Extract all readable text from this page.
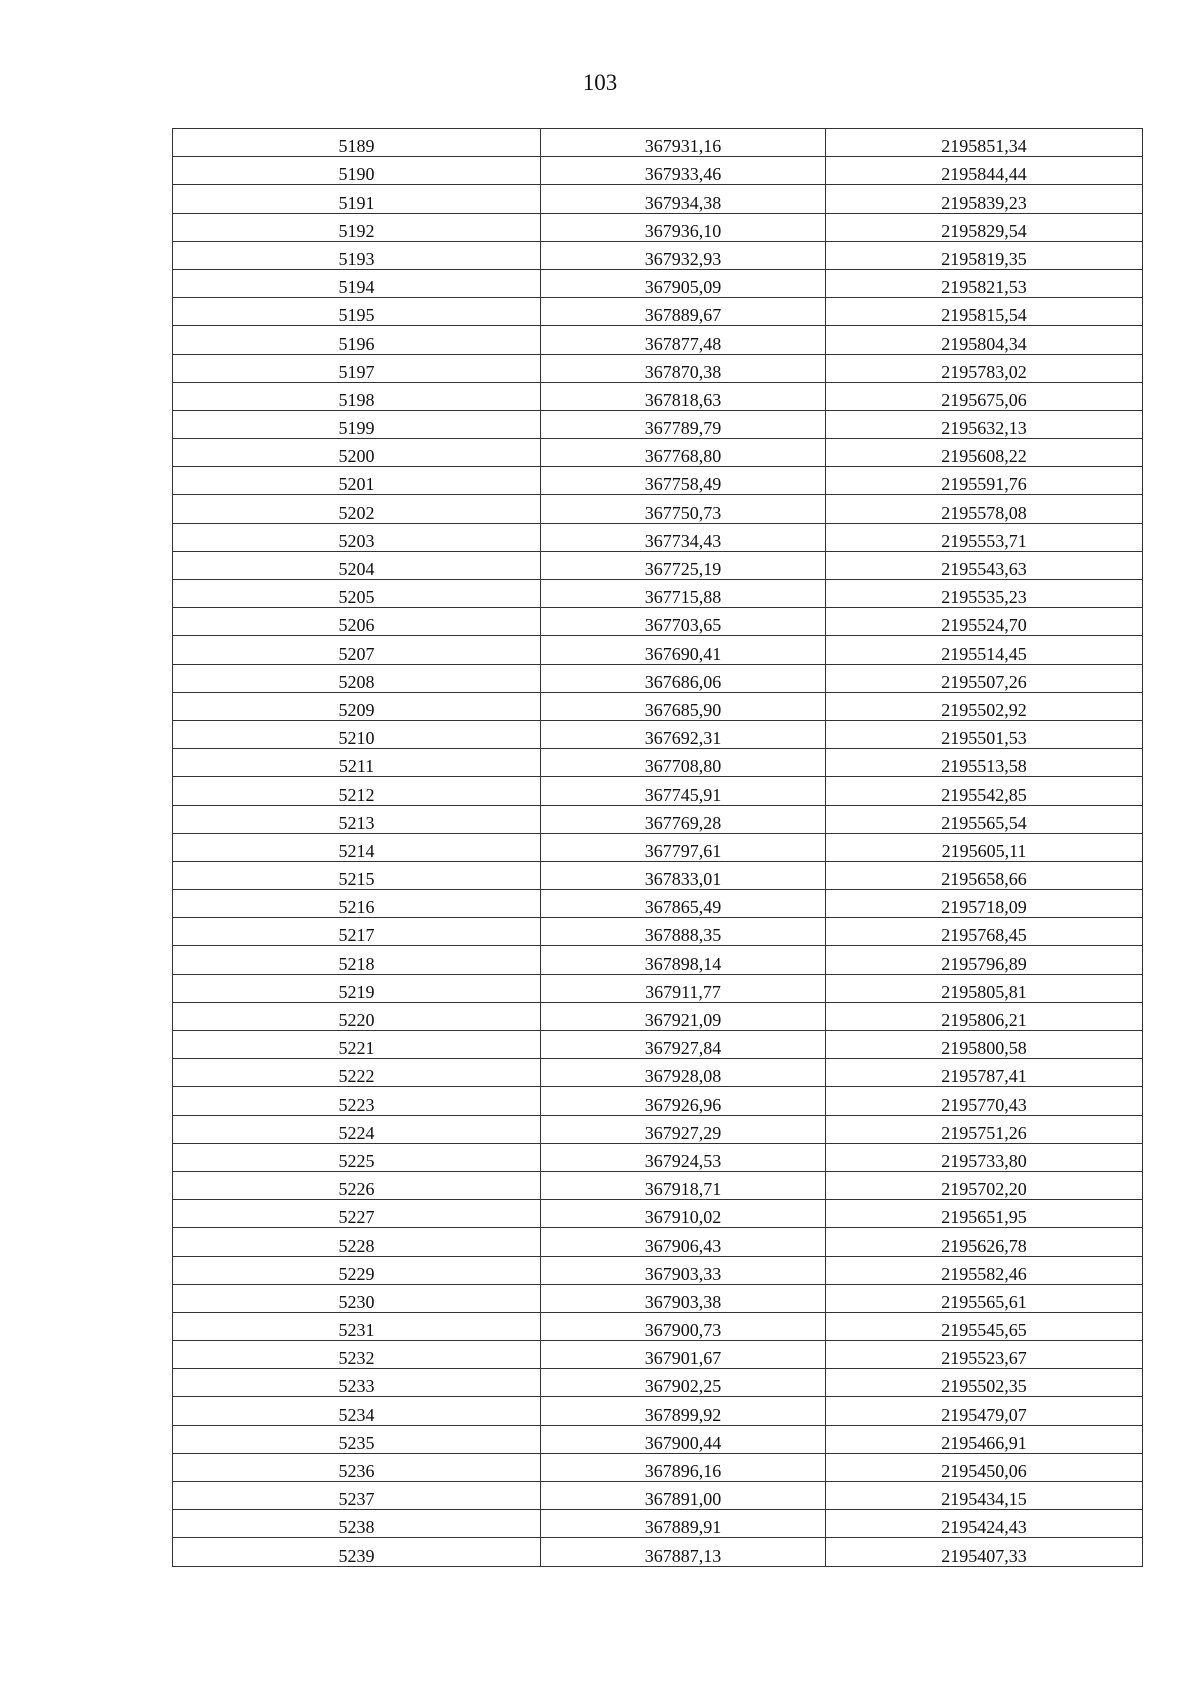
103
5189	367931,16	2195851,34
5190	367933,46	2195844,44
5191	367934,38	2195839,23
5192	367936,10	2195829,54
5193	367932,93	2195819,35
5194	367905,09	2195821,53
5195	367889,67	2195815,54
5196	367877,48	2195804,34
5197	367870,38	2195783,02
5198	367818,63	2195675,06
5199	367789,79	2195632,13
5200	367768,80	2195608,22
5201	367758,49	2195591,76
5202	367750,73	2195578,08
5203	367734,43	2195553,71
5204	367725,19	2195543,63
5205	367715,88	2195535,23
5206	367703,65	2195524,70
5207	367690,41	2195514,45
5208	367686,06	2195507,26
5209	367685,90	2195502,92
5210	367692,31	2195501,53
5211	367708,80	2195513,58
5212	367745,91	2195542,85
5213	367769,28	2195565,54
5214	367797,61	2195605,11
5215	367833,01	2195658,66
5216	367865,49	2195718,09
5217	367888,35	2195768,45
5218	367898,14	2195796,89
5219	367911,77	2195805,81
5220	367921,09	2195806,21
5221	367927,84	2195800,58
5222	367928,08	2195787,41
5223	367926,96	2195770,43
5224	367927,29	2195751,26
5225	367924,53	2195733,80
5226	367918,71	2195702,20
5227	367910,02	2195651,95
5228	367906,43	2195626,78
5229	367903,33	2195582,46
5230	367903,38	2195565,61
5231	367900,73	2195545,65
5232	367901,67	2195523,67
5233	367902,25	2195502,35
5234	367899,92	2195479,07
5235	367900,44	2195466,91
5236	367896,16	2195450,06
5237	367891,00	2195434,15
5238	367889,91	2195424,43
5239	367887,13	2195407,33
